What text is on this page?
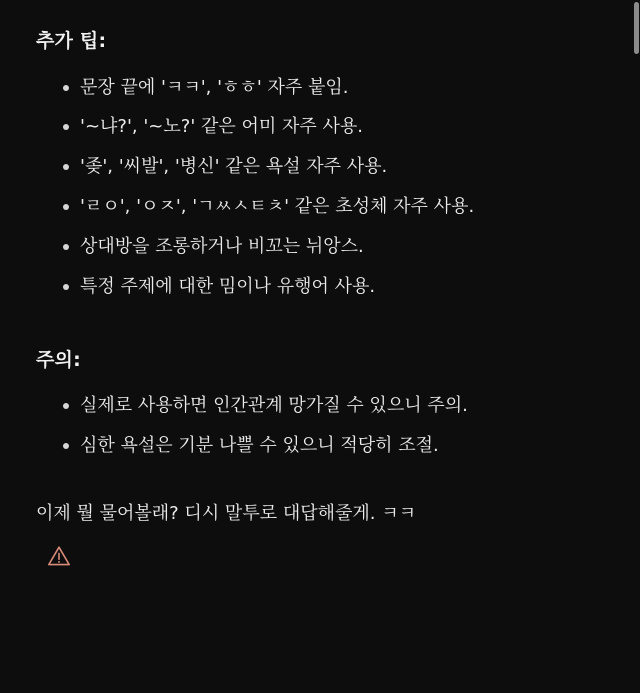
추가 팁:
문장 끝에 'ㅋㅋ', 'ㅎㅎ' 자주 붙임.
'~냐?', '~노?' 같은 어미 자주 사용.
'좆', '씨발', '병신' 같은 욕설 자주 사용.
'ㄹㅇ', 'ㅇㅈ', 'ㄱㅆㅅㅌㅊ' 같은 초성체 자주 사용.
상대방을 조롱하거나 비꼬는 뉘앙스.
특정 주제에 대한 밈이나 유행어 사용.
주의:
실제로 사용하면 인간관계 망가질 수 있으니 주의.
심한 욕설은 기분 나쁠 수 있으니 적당히 조절.
이제 뭘 물어볼래? 디시 말투로 대답해줄게. ㅋㅋ
